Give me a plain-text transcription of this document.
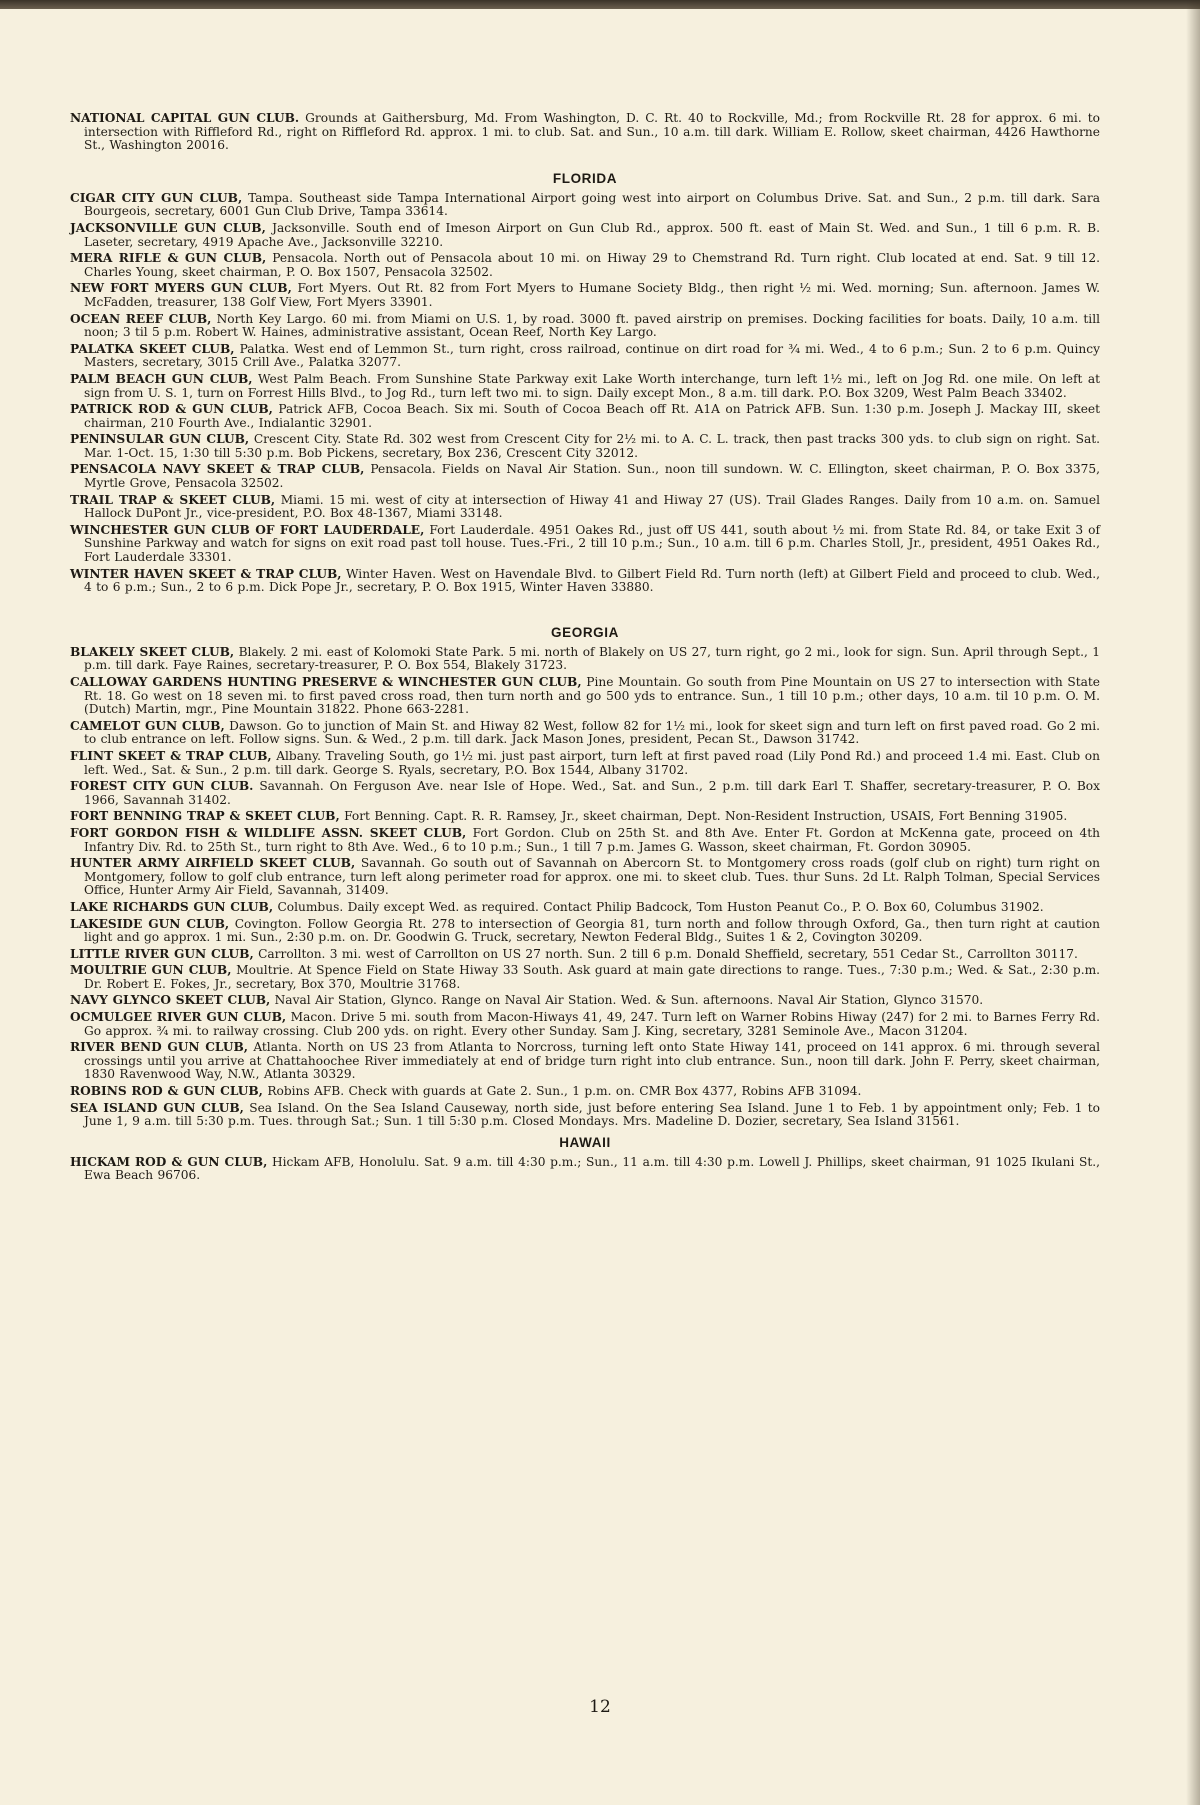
NATIONAL CAPITAL GUN CLUB. Grounds at Gaithersburg, Md. From Washington, D. C. Rt. 40 to Rockville, Md.; from Rockville Rt. 28 for approx. 6 mi. to intersection with Riffleford Rd., right on Riffleford Rd. approx. 1 mi. to club. Sat. and Sun., 10 a.m. till dark. William E. Rollow, skeet chairman, 4426 Hawthorne St., Washington 20016.

FLORIDA

CIGAR CITY GUN CLUB, Tampa. Southeast side Tampa International Airport going west into airport on Columbus Drive. Sat. and Sun., 2 p.m. till dark. Sara Bourgeois, secretary, 6001 Gun Club Drive, Tampa 33614.

JACKSONVILLE GUN CLUB, Jacksonville. South end of Imeson Airport on Gun Club Rd., approx. 500 ft. east of Main St. Wed. and Sun., 1 till 6 p.m. R. B. Laseter, secretary, 4919 Apache Ave., Jacksonville 32210.

MERA RIFLE & GUN CLUB, Pensacola. North out of Pensacola about 10 mi. on Hiway 29 to Chemstrand Rd. Turn right. Club located at end. Sat. 9 till 12. Charles Young, skeet chairman, P. O. Box 1507, Pensacola 32502.

NEW FORT MYERS GUN CLUB, Fort Myers. Out Rt. 82 from Fort Myers to Humane Society Bldg., then right ½ mi. Wed. morning; Sun. afternoon. James W. McFadden, treasurer, 138 Golf View, Fort Myers 33901.

OCEAN REEF CLUB, North Key Largo. 60 mi. from Miami on U.S. 1, by road. 3000 ft. paved airstrip on premises. Docking facilities for boats. Daily, 10 a.m. till noon; 3 til 5 p.m. Robert W. Haines, administrative assistant, Ocean Reef, North Key Largo.

PALATKA SKEET CLUB, Palatka. West end of Lemmon St., turn right, cross railroad, continue on dirt road for ¾ mi. Wed., 4 to 6 p.m.; Sun. 2 to 6 p.m. Quincy Masters, secretary, 3015 Crill Ave., Palatka 32077.

PALM BEACH GUN CLUB, West Palm Beach. From Sunshine State Parkway exit Lake Worth interchange, turn left 1½ mi., left on Jog Rd. one mile. On left at sign from U. S. 1, turn on Forrest Hills Blvd., to Jog Rd., turn left two mi. to sign. Daily except Mon., 8 a.m. till dark. P.O. Box 3209, West Palm Beach 33402.

PATRICK ROD & GUN CLUB, Patrick AFB, Cocoa Beach. Six mi. South of Cocoa Beach off Rt. A1A on Patrick AFB. Sun. 1:30 p.m. Joseph J. Mackay III, skeet chairman, 210 Fourth Ave., Indialantic 32901.

PENINSULAR GUN CLUB, Crescent City. State Rd. 302 west from Crescent City for 2½ mi. to A. C. L. track, then past tracks 300 yds. to club sign on right. Sat. Mar. 1-Oct. 15, 1:30 till 5:30 p.m. Bob Pickens, secretary, Box 236, Crescent City 32012.

PENSACOLA NAVY SKEET & TRAP CLUB, Pensacola. Fields on Naval Air Station. Sun., noon till sundown. W. C. Ellington, skeet chairman, P. O. Box 3375, Myrtle Grove, Pensacola 32502.

TRAIL TRAP & SKEET CLUB, Miami. 15 mi. west of city at intersection of Hiway 41 and Hiway 27 (US). Trail Glades Ranges. Daily from 10 a.m. on. Samuel Hallock DuPont Jr., vice-president, P.O. Box 48-1367, Miami 33148.

WINCHESTER GUN CLUB OF FORT LAUDERDALE, Fort Lauderdale. 4951 Oakes Rd., just off US 441, south about ½ mi. from State Rd. 84, or take Exit 3 of Sunshine Parkway and watch for signs on exit road past toll house. Tues.-Fri., 2 till 10 p.m.; Sun., 10 a.m. till 6 p.m. Charles Stoll, Jr., president, 4951 Oakes Rd., Fort Lauderdale 33301.

WINTER HAVEN SKEET & TRAP CLUB, Winter Haven. West on Havendale Blvd. to Gilbert Field Rd. Turn north (left) at Gilbert Field and proceed to club. Wed., 4 to 6 p.m.; Sun., 2 to 6 p.m. Dick Pope Jr., secretary, P. O. Box 1915, Winter Haven 33880.

GEORGIA

BLAKELY SKEET CLUB, Blakely. 2 mi. east of Kolomoki State Park. 5 mi. north of Blakely on US 27, turn right, go 2 mi., look for sign. Sun. April through Sept., 1 p.m. till dark. Faye Raines, secretary-treasurer, P. O. Box 554, Blakely 31723.

CALLOWAY GARDENS HUNTING PRESERVE & WINCHESTER GUN CLUB, Pine Mountain. Go south from Pine Mountain on US 27 to intersection with State Rt. 18. Go west on 18 seven mi. to first paved cross road, then turn north and go 500 yds to entrance. Sun., 1 till 10 p.m.; other days, 10 a.m. til 10 p.m. O. M. (Dutch) Martin, mgr., Pine Mountain 31822. Phone 663-2281.

CAMELOT GUN CLUB, Dawson. Go to junction of Main St. and Hiway 82 West, follow 82 for 1½ mi., look for skeet sign and turn left on first paved road. Go 2 mi. to club entrance on left. Follow signs. Sun. & Wed., 2 p.m. till dark. Jack Mason Jones, president, Pecan St., Dawson 31742.

FLINT SKEET & TRAP CLUB, Albany. Traveling South, go 1½ mi. just past airport, turn left at first paved road (Lily Pond Rd.) and proceed 1.4 mi. East. Club on left. Wed., Sat. & Sun., 2 p.m. till dark. George S. Ryals, secretary, P.O. Box 1544, Albany 31702.

FOREST CITY GUN CLUB. Savannah. On Ferguson Ave. near Isle of Hope. Wed., Sat. and Sun., 2 p.m. till dark Earl T. Shaffer, secretary-treasurer, P. O. Box 1966, Savannah 31402.

FORT BENNING TRAP & SKEET CLUB, Fort Benning. Capt. R. R. Ramsey, Jr., skeet chairman, Dept. Non-Resident Instruction, USAIS, Fort Benning 31905.

FORT GORDON FISH & WILDLIFE ASSN. SKEET CLUB, Fort Gordon. Club on 25th St. and 8th Ave. Enter Ft. Gordon at McKenna gate, proceed on 4th Infantry Div. Rd. to 25th St., turn right to 8th Ave. Wed., 6 to 10 p.m.; Sun., 1 till 7 p.m. James G. Wasson, skeet chairman, Ft. Gordon 30905.

HUNTER ARMY AIRFIELD SKEET CLUB, Savannah. Go south out of Savannah on Abercorn St. to Montgomery cross roads (golf club on right) turn right on Montgomery, follow to golf club entrance, turn left along perimeter road for approx. one mi. to skeet club. Tues. thur Suns. 2d Lt. Ralph Tolman, Special Services Office, Hunter Army Air Field, Savannah, 31409.

LAKE RICHARDS GUN CLUB, Columbus. Daily except Wed. as required. Contact Philip Badcock, Tom Huston Peanut Co., P. O. Box 60, Columbus 31902.

LAKESIDE GUN CLUB, Covington. Follow Georgia Rt. 278 to intersection of Georgia 81, turn north and follow through Oxford, Ga., then turn right at caution light and go approx. 1 mi. Sun., 2:30 p.m. on. Dr. Goodwin G. Truck, secretary, Newton Federal Bldg., Suites 1 & 2, Covington 30209.

LITTLE RIVER GUN CLUB, Carrollton. 3 mi. west of Carrollton on US 27 north. Sun. 2 till 6 p.m. Donald Sheffield, secretary, 551 Cedar St., Carrollton 30117.

MOULTRIE GUN CLUB, Moultrie. At Spence Field on State Hiway 33 South. Ask guard at main gate directions to range. Tues., 7:30 p.m.; Wed. & Sat., 2:30 p.m. Dr. Robert E. Fokes, Jr., secretary, Box 370, Moultrie 31768.

NAVY GLYNCO SKEET CLUB, Naval Air Station, Glynco. Range on Naval Air Station. Wed. & Sun. afternoons. Naval Air Station, Glynco 31570.

OCMULGEE RIVER GUN CLUB, Macon. Drive 5 mi. south from Macon-Hiways 41, 49, 247. Turn left on Warner Robins Hiway (247) for 2 mi. to Barnes Ferry Rd. Go approx. ¾ mi. to railway crossing. Club 200 yds. on right. Every other Sunday. Sam J. King, secretary, 3281 Seminole Ave., Macon 31204.

RIVER BEND GUN CLUB, Atlanta. North on US 23 from Atlanta to Norcross, turning left onto State Hiway 141, proceed on 141 approx. 6 mi. through several crossings until you arrive at Chattahoochee River immediately at end of bridge turn right into club entrance. Sun., noon till dark. John F. Perry, skeet chairman, 1830 Ravenwood Way, N.W., Atlanta 30329.

ROBINS ROD & GUN CLUB, Robins AFB. Check with guards at Gate 2. Sun., 1 p.m. on. CMR Box 4377, Robins AFB 31094.

SEA ISLAND GUN CLUB, Sea Island. On the Sea Island Causeway, north side, just before entering Sea Island. June 1 to Feb. 1 by appointment only; Feb. 1 to June 1, 9 a.m. till 5:30 p.m. Tues. through Sat.; Sun. 1 till 5:30 p.m. Closed Mondays. Mrs. Madeline D. Dozier, secretary, Sea Island 31561.

HAWAII

HICKAM ROD & GUN CLUB, Hickam AFB, Honolulu. Sat. 9 a.m. till 4:30 p.m.; Sun., 11 a.m. till 4:30 p.m. Lowell J. Phillips, skeet chairman, 91 1025 Ikulani St., Ewa Beach 96706.

12
